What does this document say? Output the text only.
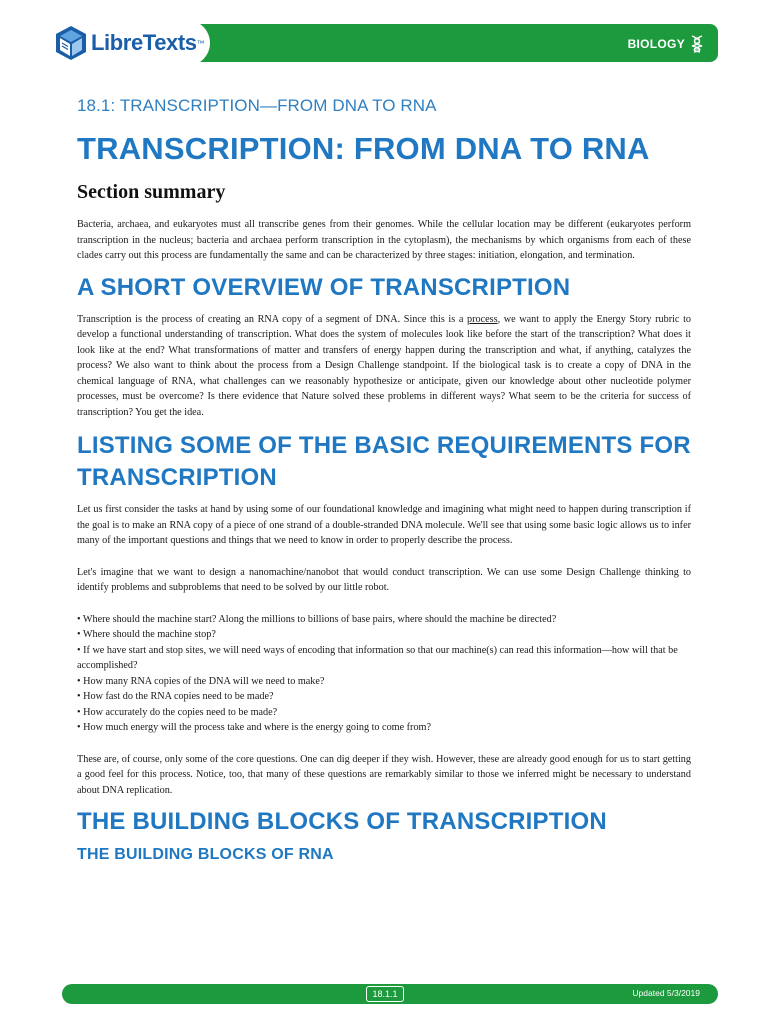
LibreTexts ™	BIOLOGY
18.1: TRANSCRIPTION—FROM DNA TO RNA
TRANSCRIPTION: FROM DNA TO RNA
Section summary

Bacteria, archaea, and eukaryotes must all transcribe genes from their genomes. While the cellular location may be different (eukaryotes perform transcription in the nucleus; bacteria and archaea perform transcription in the cytoplasm), the mechanisms by which organisms from each of these clades carry out this process are fundamentally the same and can be characterized by three stages: initiation, elongation, and termination.

A SHORT OVERVIEW OF TRANSCRIPTION

Transcription is the process of creating an RNA copy of a segment of DNA. Since this is a process, we want to apply the Energy Story rubric to develop a functional understanding of transcription. What does the system of molecules look like before the start of the transcription? What does it look like at the end? What transformations of matter and transfers of energy happen during the transcription and what, if anything, catalyzes the process? We also want to think about the process from a Design Challenge standpoint. If the biological task is to create a copy of DNA in the chemical language of RNA, what challenges can we reasonably hypothesize or anticipate, given our knowledge about other nucleotide polymer processes, must be overcome? Is there evidence that Nature solved these problems in different ways? What seem to be the criteria for success of transcription? You get the idea.

LISTING SOME OF THE BASIC REQUIREMENTS FOR TRANSCRIPTION

Let us first consider the tasks at hand by using some of our foundational knowledge and imagining what might need to happen during transcription if the goal is to make an RNA copy of a piece of one strand of a double-stranded DNA molecule. We'll see that using some basic logic allows us to infer many of the important questions and things that we need to know in order to properly describe the process.

Let's imagine that we want to design a nanomachine/nanobot that would conduct transcription. We can use some Design Challenge thinking to identify problems and subproblems that need to be solved by our little robot.

• Where should the machine start? Along the millions to billions of base pairs, where should the machine be directed?
• Where should the machine stop?
• If we have start and stop sites, we will need ways of encoding that information so that our machine(s) can read this information—how will that be accomplished?
• How many RNA copies of the DNA will we need to make?
• How fast do the RNA copies need to be made?
• How accurately do the copies need to be made?
• How much energy will the process take and where is the energy going to come from?

These are, of course, only some of the core questions. One can dig deeper if they wish. However, these are already good enough for us to start getting a good feel for this process. Notice, too, that many of these questions are remarkably similar to those we inferred might be necessary to understand about DNA replication.

THE BUILDING BLOCKS OF TRANSCRIPTION
THE BUILDING BLOCKS OF RNA
18.1.1	Updated 5/3/2019
